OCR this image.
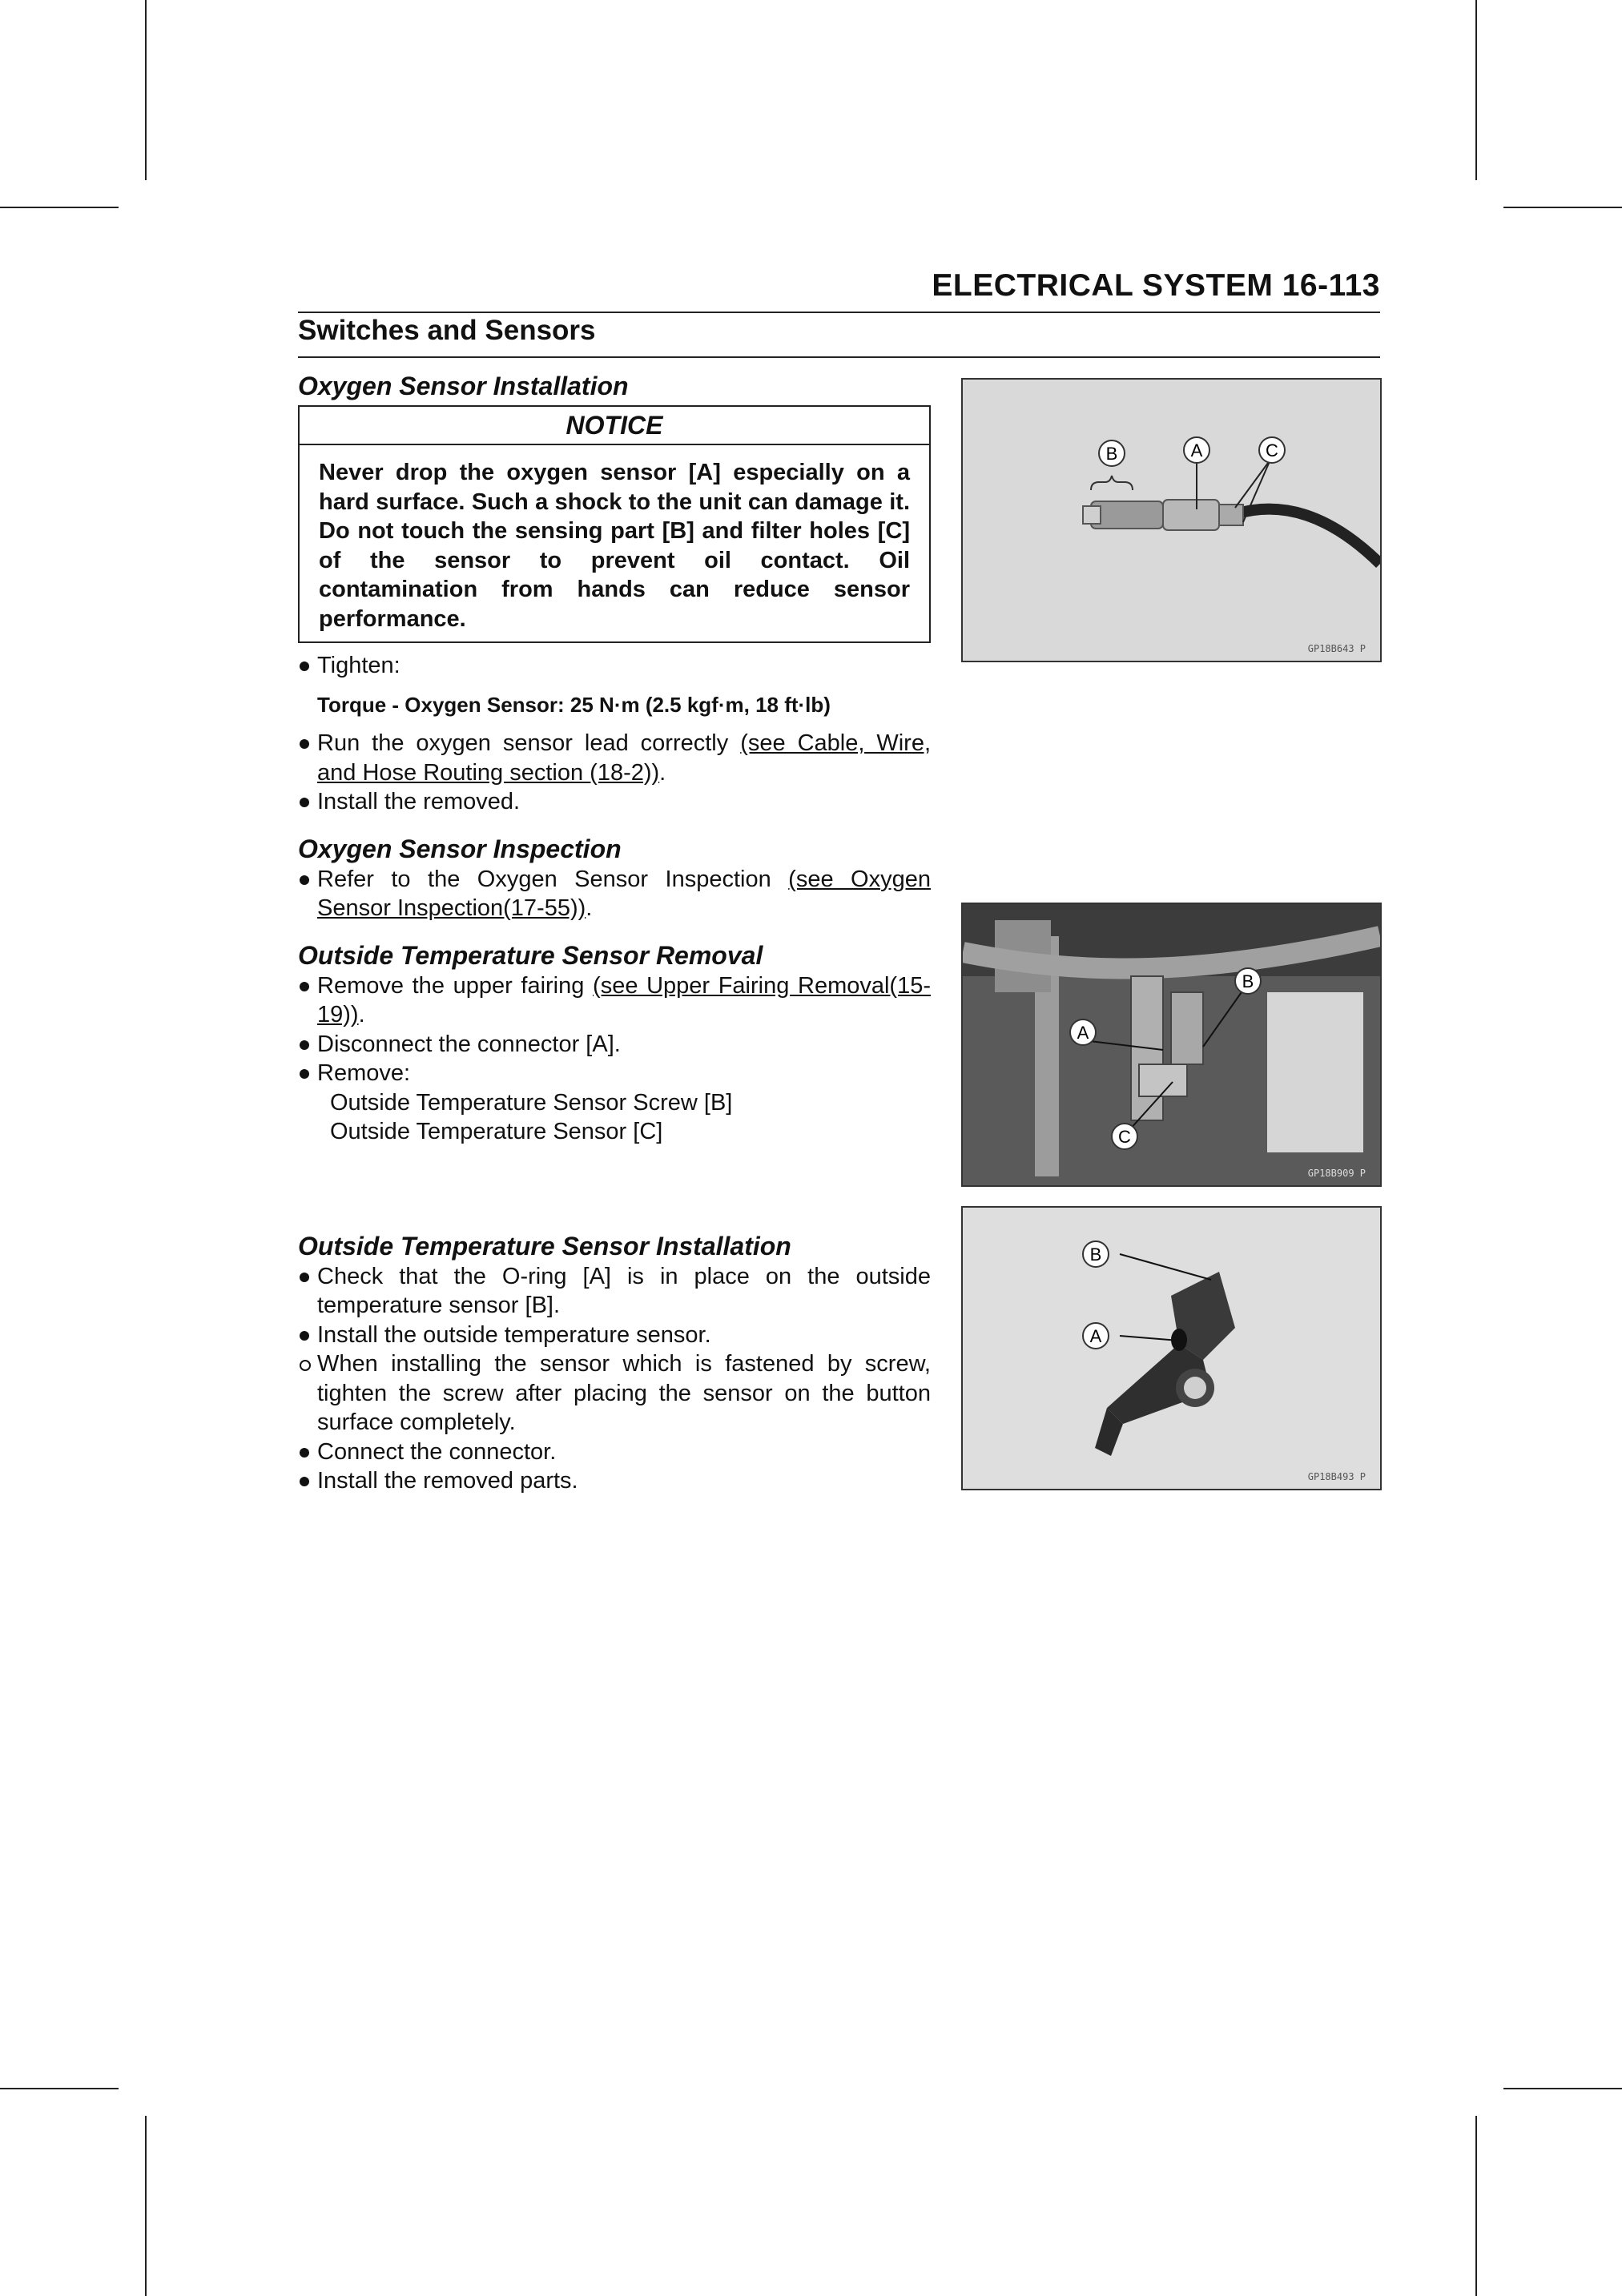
ELECTRICAL SYSTEM 16-113
Switches and Sensors
Oxygen Sensor Installation
NOTICE
Never drop the oxygen sensor [A] especially on a hard surface. Such a shock to the unit can damage it. Do not touch the sensing part [B] and filter holes [C] of the sensor to prevent oil contact. Oil contamination from hands can reduce sensor performance.
Tighten:
Torque - Oxygen Sensor: 25 N·m (2.5 kgf·m, 18 ft·lb)
Run the oxygen sensor lead correctly (see Cable, Wire, and Hose Routing section (18-2)).
Install the removed.
Oxygen Sensor Inspection
Refer to the Oxygen Sensor Inspection (see Oxygen Sensor Inspection(17-55)).
Outside Temperature Sensor Removal
Remove the upper fairing (see Upper Fairing Removal(15-19)).
Disconnect the connector [A].
Remove:
Outside Temperature Sensor Screw [B]
Outside Temperature Sensor [C]
Outside Temperature Sensor Installation
Check that the O-ring [A] is in place on the outside temperature sensor [B].
Install the outside temperature sensor.
When installing the sensor which is fastened by screw, tighten the screw after placing the sensor on the button surface completely.
Connect the connector.
Install the removed parts.
B	A	C
GP18B643 P
A
B
C
GP18B909 P
B
A
GP18B493 P
